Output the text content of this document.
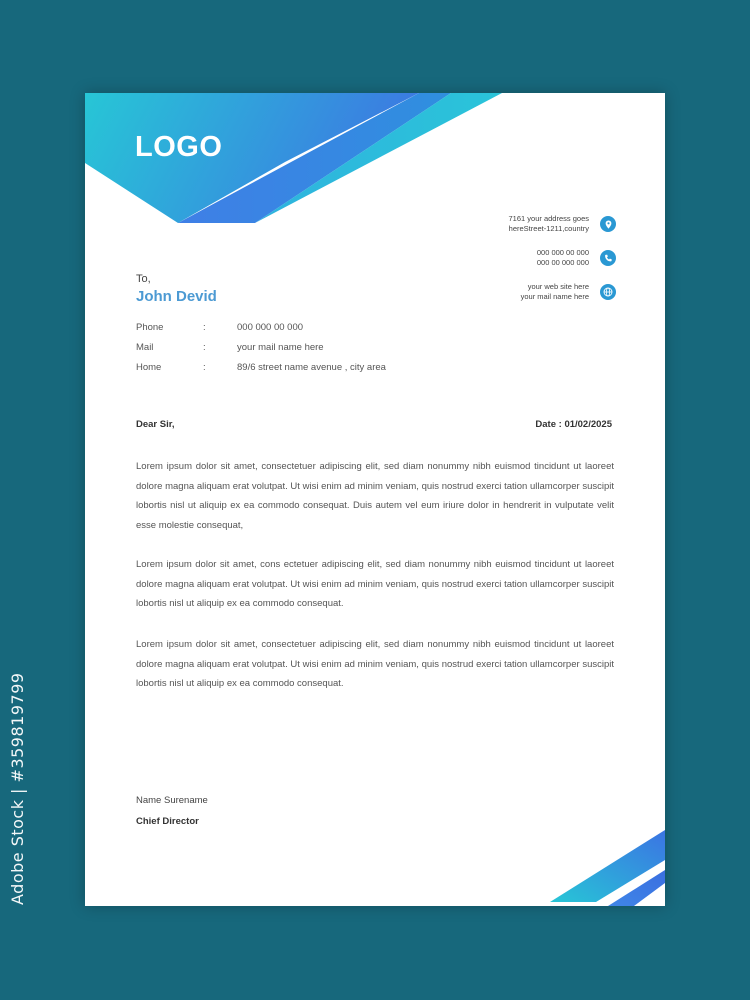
Adobe Stock | #359819799
LOGO
7161 your address goes
hereStreet-1211,country
000 000 00 000
000 00 000 000
your web site here
your mail name here
To,
John Devid
Phone	:	000 000 00 000
Mail	:	your mail name here
Home	:	89/6 street name avenue , city area
Dear Sir,	Date : 01/02/2025
Lorem ipsum dolor sit amet, consectetuer adipiscing elit, sed diam nonummy nibh euismod tincidunt ut laoreet dolore magna aliquam erat volutpat. Ut wisi enim ad minim veniam, quis nostrud exerci tation ullamcorper suscipit lobortis nisl ut aliquip ex ea commodo consequat. Duis autem vel eum iriure dolor in hendrerit in vulputate velit esse molestie consequat,
Lorem ipsum dolor sit amet, cons ectetuer adipiscing elit, sed diam nonummy nibh euismod tincidunt ut laoreet dolore magna aliquam erat volutpat. Ut wisi enim ad minim veniam, quis nostrud exerci tation ullamcorper suscipit lobortis nisl ut aliquip ex ea commodo consequat.
Lorem ipsum dolor sit amet, consectetuer adipiscing elit, sed diam nonummy nibh euismod tincidunt ut laoreet dolore magna aliquam erat volutpat. Ut wisi enim ad minim veniam, quis nostrud exerci tation ullamcorper suscipit lobortis nisl ut aliquip ex ea commodo consequat.
Name Surename
Chief Director
